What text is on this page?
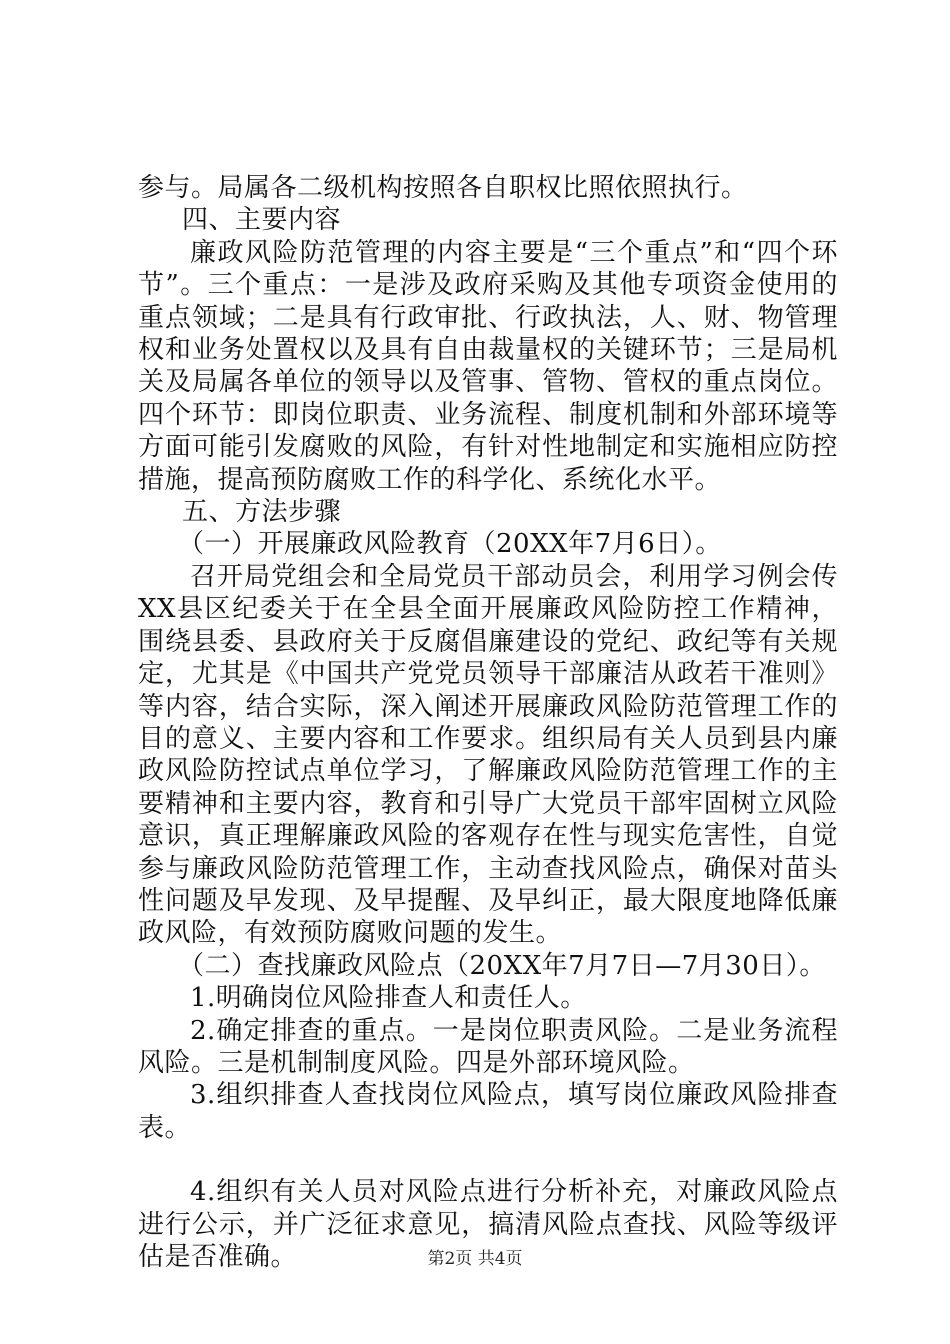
参与。局属各二级机构按照各自职权比照依照执行。

四、主要内容

廉政风险防范管理的内容主要是“三个重点”和“四个环节”。三个重点：一是涉及政府采购及其他专项资金使用的重点领域；二是具有行政审批、行政执法，人、财、物管理权和业务处置权以及具有自由裁量权的关键环节；三是局机关及局属各单位的领导以及管事、管物、管权的重点岗位。四个环节：即岗位职责、业务流程、制度机制和外部环境等方面可能引发腐败的风险，有针对性地制定和实施相应防控措施，提高预防腐败工作的科学化、系统化水平。

五、方法步骤

（一）开展廉政风险教育（20XX年7月6日）。

召开局党组会和全局党员干部动员会，利用学习例会传XX县区纪委关于在全县全面开展廉政风险防控工作精神，围绕县委、县政府关于反腐倡廉建设的党纪、政纪等有关规定，尤其是《中国共产党党员领导干部廉洁从政若干准则》等内容，结合实际，深入阐述开展廉政风险防范管理工作的目的意义、主要内容和工作要求。组织局有关人员到县内廉政风险防控试点单位学习，了解廉政风险防范管理工作的主要精神和主要内容，教育和引导广大党员干部牢固树立风险意识，真正理解廉政风险的客观存在性与现实危害性，自觉参与廉政风险防范管理工作，主动查找风险点，确保对苗头性问题及早发现、及早提醒、及早纠正，最大限度地降低廉政风险，有效预防腐败问题的发生。

（二）查找廉政风险点（20XX年7月7日—7月30日）。

1.明确岗位风险排查人和责任人。

2.确定排查的重点。一是岗位职责风险。二是业务流程风险。三是机制制度风险。四是外部环境风险。

3.组织排查人查找岗位风险点，填写岗位廉政风险排查表。

4.组织有关人员对风险点进行分析补充，对廉政风险点进行公示，并广泛征求意见，搞清风险点查找、风险等级评估是否准确。	第2页 共4页
